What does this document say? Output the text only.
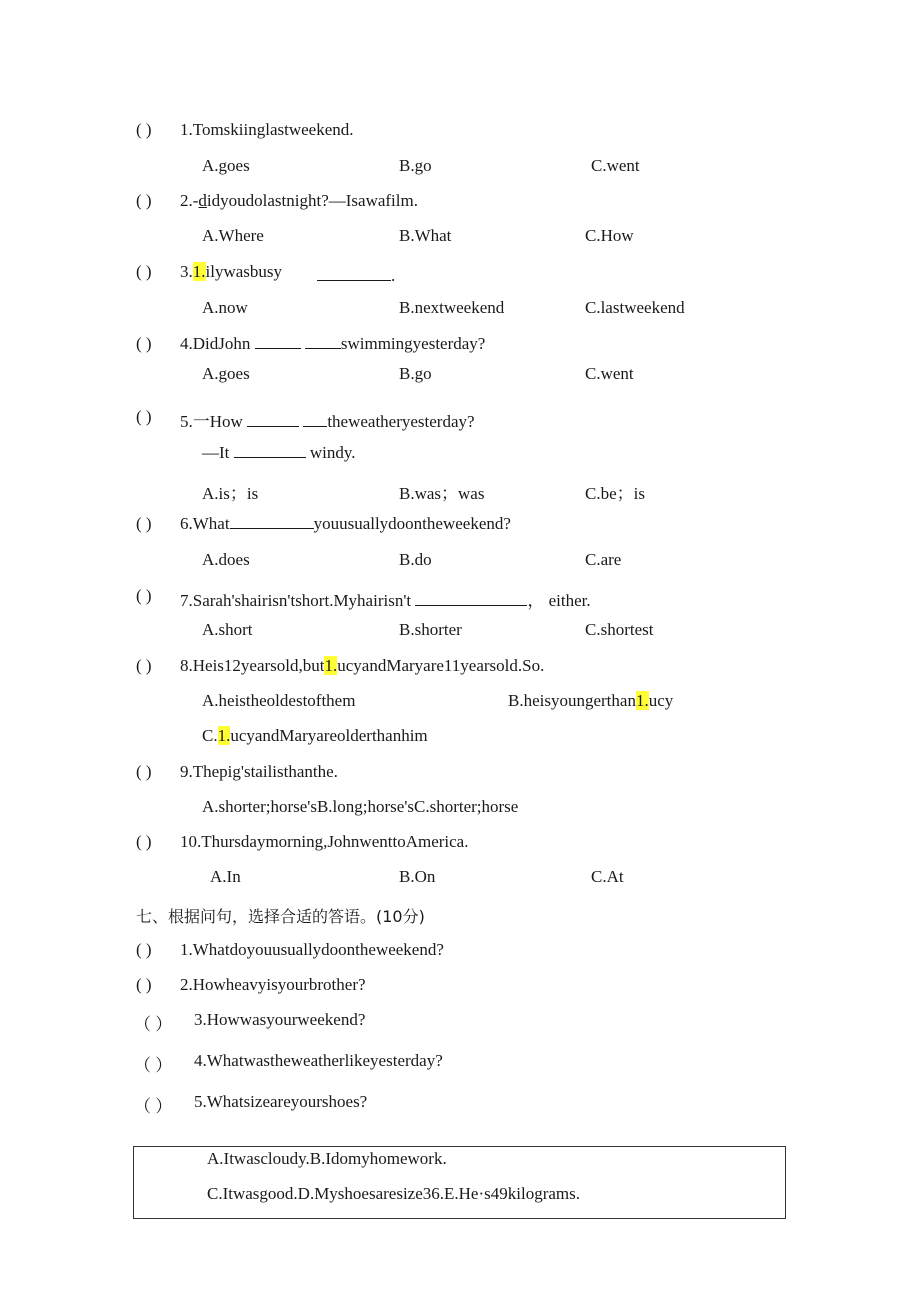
( ) 1.Tomskiinglastweekend.
A.goes	B.go	C.went
( ) 2.-didyoudolastnight?—Isawafilm.
A.Where	B.What	C.How
( ) 3.1.ilywasbusy	.
A.now	B.nextweekend	C.lastweekend
( ) 4.DidJohn	swimmingyesterday?
A.goes	B.go	C.went
( ) 5.一How	theweatheryesterday?
—It	windy.
A.is；is	B.was；was	C.be；is
( ) 6.What	youusuallydoontheweekend?
A.does	B.do	C.are
( ) 7.Sarah'shairisn'tshort.Myhairisn't	， either.
A.short	B.shorter	C.shortest
( ) 8.Heis12yearsold,but1.ucyandMaryare11yearsold.So.
A.heistheoldestofthem	B.heisyoungerthan1.ucy
C.1.ucyandMaryareolderthanhim
( ) 9.Thepig'stailisthanthe.
A.shorter;horse'sB.long;horse'sC.shorter;horse
( ) 10.Thursdaymorning,JohnwenttoAmerica.
A.In	B.On	C.At
七、根据问句，选择合适的答语。(10分)
( ) 1.Whatdoyouusuallydoontheweekend?
( ) 2.Howheavyisyourbrother?
（ ） 3.Howwasyourweekend?
（ ） 4.Whatwastheweatherlikeyesterday?
（ ） 5.Whatsizeareyourshoes?
A.Itwascloudy.B.Idomyhomework.
C.Itwasgood.D.Myshoesaresize36.E.He·s49kilograms.
